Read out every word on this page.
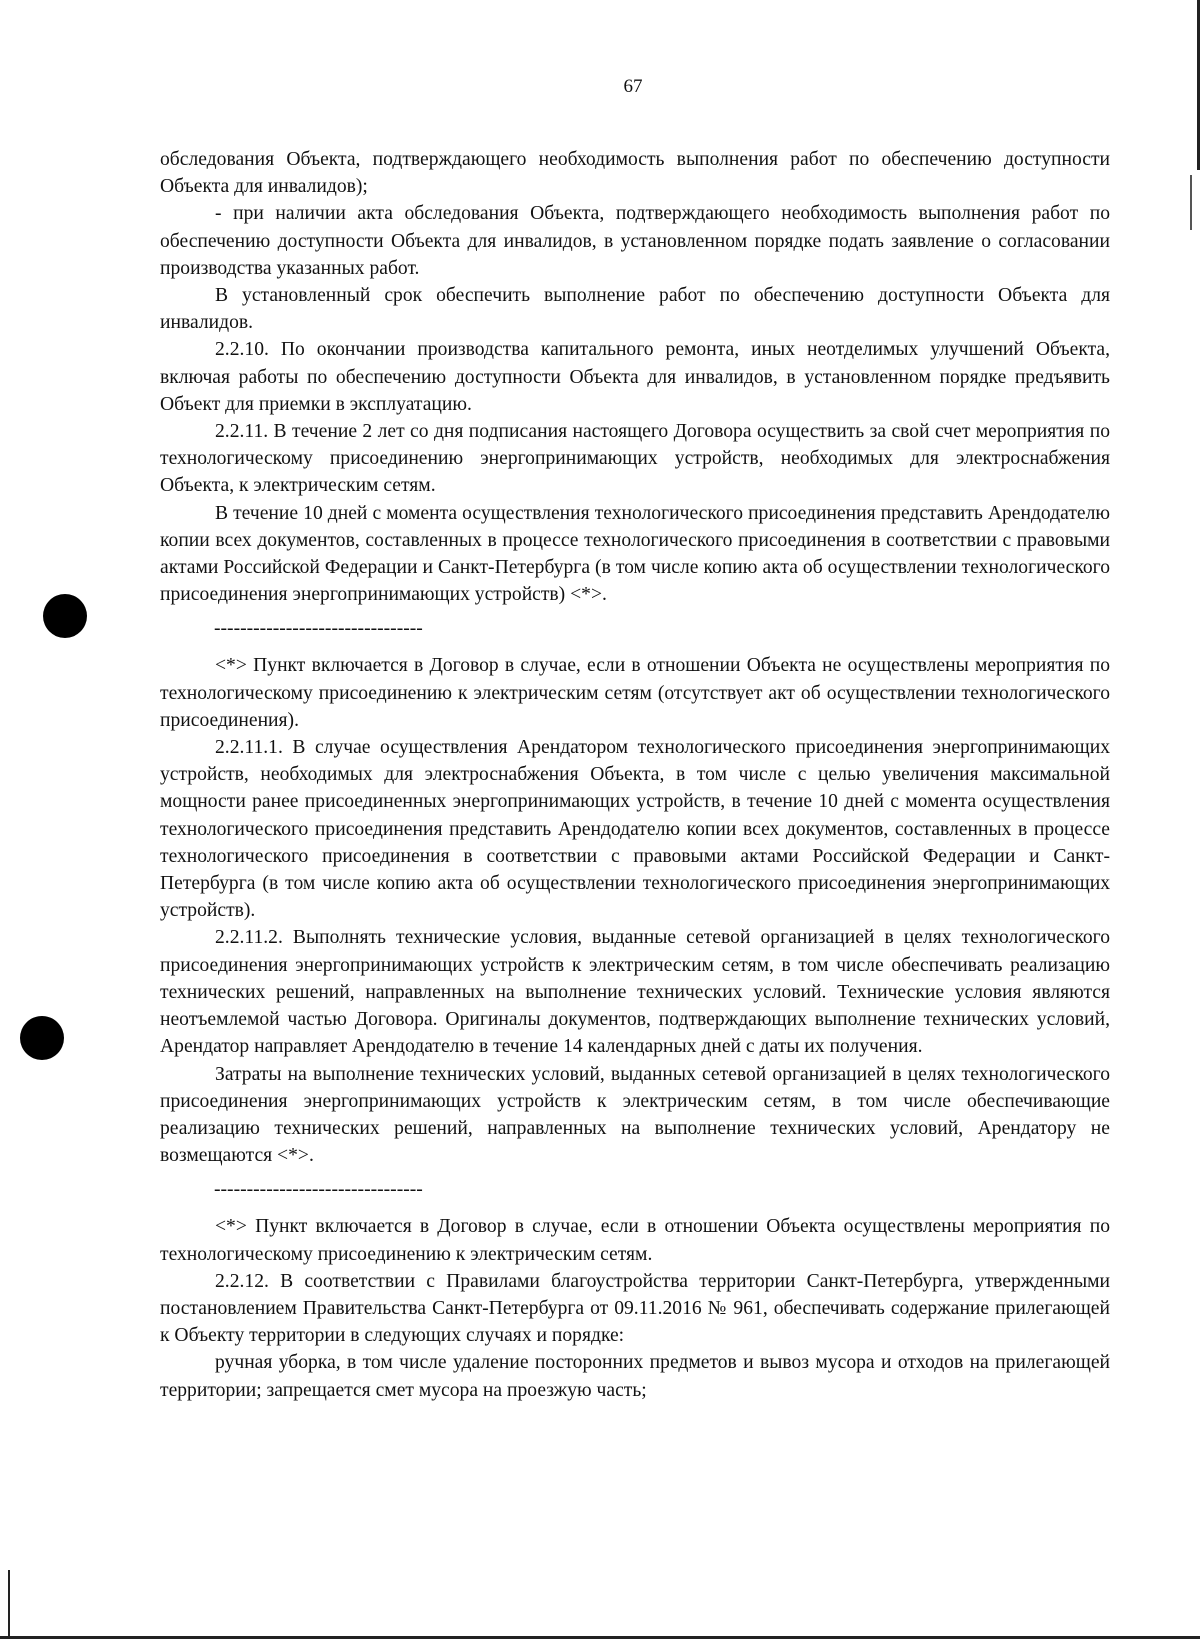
67

обследования Объекта, подтверждающего необходимость выполнения работ по обеспечению доступности Объекта для инвалидов);

- при наличии акта обследования Объекта, подтверждающего необходимость выполнения работ по обеспечению доступности Объекта для инвалидов, в установленном порядке подать заявление о согласовании производства указанных работ.

В установленный срок обеспечить выполнение работ по обеспечению доступности Объекта для инвалидов.

2.2.10. По окончании производства капитального ремонта, иных неотделимых улучшений Объекта, включая работы по обеспечению доступности Объекта для инвалидов, в установленном порядке предъявить Объект для приемки в эксплуатацию.

2.2.11. В течение 2 лет со дня подписания настоящего Договора осуществить за свой счет мероприятия по технологическому присоединению энергопринимающих устройств, необходимых для электроснабжения Объекта, к электрическим сетям.

В течение 10 дней с момента осуществления технологического присоединения представить Арендодателю копии всех документов, составленных в процессе технологического присоединения в соответствии с правовыми актами Российской Федерации и Санкт-Петербурга (в том числе копию акта об осуществлении технологического присоединения энергопринимающих устройств) <*>.

--------------------------------

<*> Пункт включается в Договор в случае, если в отношении Объекта не осуществлены мероприятия по технологическому присоединению к электрическим сетям (отсутствует акт об осуществлении технологического присоединения).

2.2.11.1. В случае осуществления Арендатором технологического присоединения энергопринимающих устройств, необходимых для электроснабжения Объекта, в том числе с целью увеличения максимальной мощности ранее присоединенных энергопринимающих устройств, в течение 10 дней с момента осуществления технологического присоединения представить Арендодателю копии всех документов, составленных в процессе технологического присоединения в соответствии с правовыми актами Российской Федерации и Санкт-Петербурга (в том числе копию акта об осуществлении технологического присоединения энергопринимающих устройств).

2.2.11.2. Выполнять технические условия, выданные сетевой организацией в целях технологического присоединения энергопринимающих устройств к электрическим сетям, в том числе обеспечивать реализацию технических решений, направленных на выполнение технических условий. Технические условия являются неотъемлемой частью Договора. Оригиналы документов, подтверждающих выполнение технических условий, Арендатор направляет Арендодателю в течение 14 календарных дней с даты их получения.

Затраты на выполнение технических условий, выданных сетевой организацией в целях технологического присоединения энергопринимающих устройств к электрическим сетям, в том числе обеспечивающие реализацию технических решений, направленных на выполнение технических условий, Арендатору не возмещаются <*>.

--------------------------------

<*> Пункт включается в Договор в случае, если в отношении Объекта осуществлены мероприятия по технологическому присоединению к электрическим сетям.

2.2.12. В соответствии с Правилами благоустройства территории Санкт-Петербурга, утвержденными постановлением Правительства Санкт-Петербурга от 09.11.2016 № 961, обеспечивать содержание прилегающей к Объекту территории в следующих случаях и порядке:

ручная уборка, в том числе удаление посторонних предметов и вывоз мусора и отходов на прилегающей территории; запрещается смет мусора на проезжую часть;
